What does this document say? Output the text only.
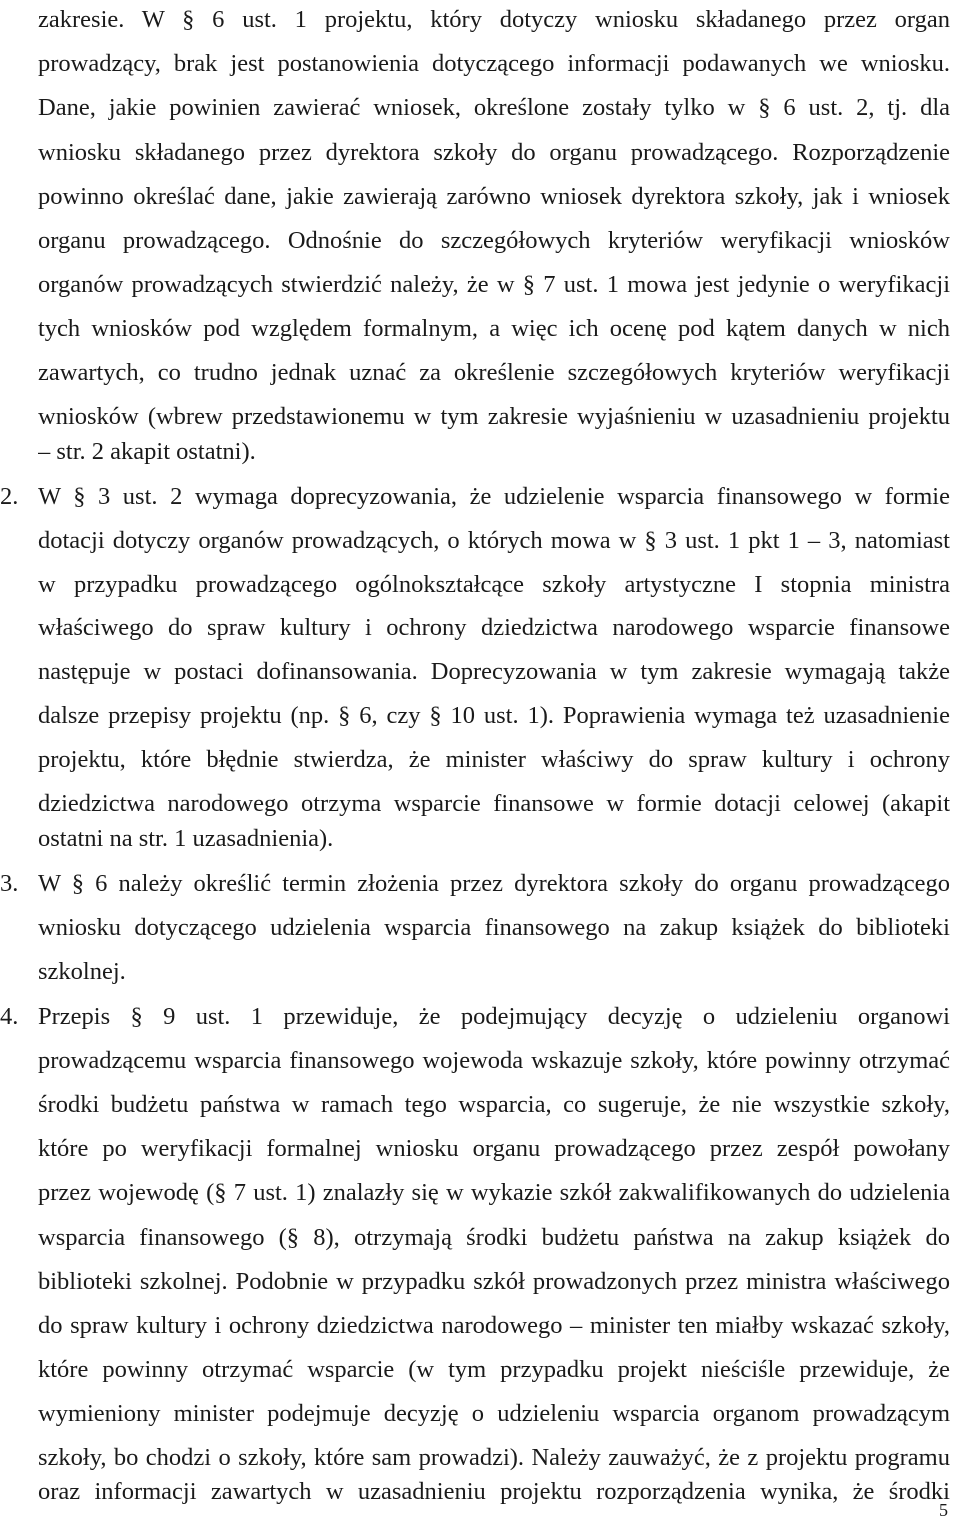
zakresie. W § 6 ust. 1 projektu, który dotyczy wniosku składanego przez organ
prowadzący, brak jest postanowienia dotyczącego informacji podawanych we wniosku.
Dane, jakie powinien zawierać wniosek, określone zostały tylko w § 6 ust. 2, tj. dla
wniosku składanego przez dyrektora szkoły do organu prowadzącego. Rozporządzenie
powinno określać dane, jakie zawierają zarówno wniosek dyrektora szkoły, jak i wniosek
organu prowadzącego. Odnośnie do szczegółowych kryteriów weryfikacji wniosków
organów prowadzących stwierdzić należy, że w § 7 ust. 1 mowa jest jedynie o weryfikacji
tych wniosków pod względem formalnym, a więc ich ocenę pod kątem danych w nich
zawartych, co trudno jednak uznać za określenie szczegółowych kryteriów weryfikacji
wniosków (wbrew przedstawionemu w tym zakresie wyjaśnieniu w uzasadnieniu projektu
– str. 2 akapit ostatni).
2. W § 3 ust. 2 wymaga doprecyzowania, że udzielenie wsparcia finansowego w formie
dotacji dotyczy organów prowadzących, o których mowa w § 3 ust. 1 pkt 1 – 3, natomiast
w przypadku prowadzącego ogólnokształcące szkoły artystyczne I stopnia ministra
właściwego do spraw kultury i ochrony dziedzictwa narodowego wsparcie finansowe
następuje w postaci dofinansowania. Doprecyzowania w tym zakresie wymagają także
dalsze przepisy projektu (np. § 6, czy § 10 ust. 1). Poprawienia wymaga też uzasadnienie
projektu, które błędnie stwierdza, że minister właściwy do spraw kultury i ochrony
dziedzictwa narodowego otrzyma wsparcie finansowe w formie dotacji celowej (akapit
ostatni na str. 1 uzasadnienia).
3. W § 6 należy określić termin złożenia przez dyrektora szkoły do organu prowadzącego
wniosku dotyczącego udzielenia wsparcia finansowego na zakup książek do biblioteki
szkolnej.
4. Przepis § 9 ust. 1 przewiduje, że podejmujący decyzję o udzieleniu organowi
prowadzącemu wsparcia finansowego wojewoda wskazuje szkoły, które powinny otrzymać
środki budżetu państwa w ramach tego wsparcia, co sugeruje, że nie wszystkie szkoły,
które po weryfikacji formalnej wniosku organu prowadzącego przez zespół powołany
przez wojewodę (§ 7 ust. 1) znalazły się w wykazie szkół zakwalifikowanych do udzielenia
wsparcia finansowego (§ 8), otrzymają środki budżetu państwa na zakup książek do
biblioteki szkolnej. Podobnie w przypadku szkół prowadzonych przez ministra właściwego
do spraw kultury i ochrony dziedzictwa narodowego – minister ten miałby wskazać szkoły,
które powinny otrzymać wsparcie (w tym przypadku projekt nieściśle przewiduje, że
wymieniony minister podejmuje decyzję o udzieleniu wsparcia organom prowadzącym
szkoły, bo chodzi o szkoły, które sam prowadzi). Należy zauważyć, że z projektu programu
oraz informacji zawartych w uzasadnieniu projektu rozporządzenia wynika, że środki
5
